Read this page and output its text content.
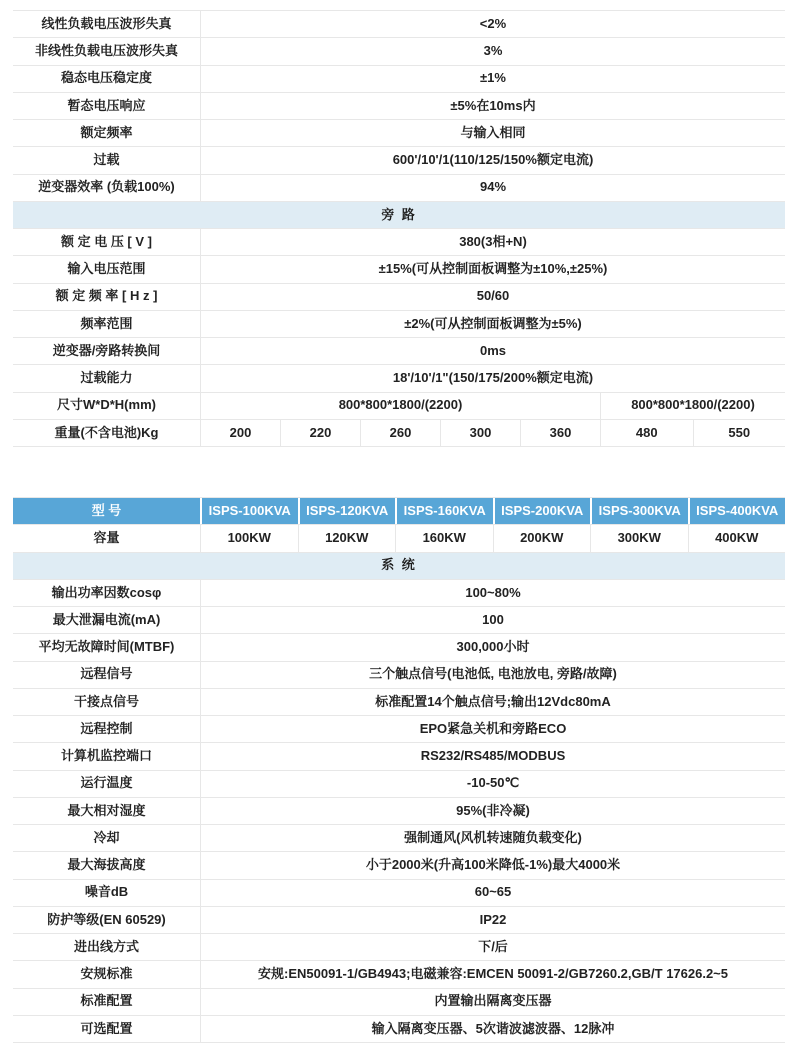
线性负载电压波形失真	<2%
非线性负载电压波形失真	3%
稳态电压稳定度	±1%
暂态电压响应	±5%在10ms内
额定频率	与输入相同
过载	600'/10'/1(110/125/150%额定电流)
逆变器效率 (负载100%)	94%
旁 路
额 定 电 压 [ V ]	380(3相+N)
输入电压范围	±15%(可从控制面板调整为±10%,±25%)
额 定 频 率 [ H z ]	50/60
频率范围	±2%(可从控制面板调整为±5%)
逆变器/旁路转换间	0ms
过载能力	18'/10'/1"(150/175/200%额定电流)
尺寸W*D*H(mm)	800*800*1800/(2200)	800*800*1800/(2200)
重量(不含电池)Kg	200	220	260	300	360	480	550
型 号	ISPS-100KVA	ISPS-120KVA	ISPS-160KVA	ISPS-200KVA	ISPS-300KVA	ISPS-400KVA
容量	100KW	120KW	160KW	200KW	300KW	400KW
系 统
输出功率因数cosφ	100~80%
最大泄漏电流(mA)	100
平均无故障时间(MTBF)	300,000小时
远程信号	三个触点信号(电池低, 电池放电, 旁路/故障)
干接点信号	标准配置14个触点信号;输出12Vdc80mA
远程控制	EPO紧急关机和旁路ECO
计算机监控端口	RS232/RS485/MODBUS
运行温度	-10-50℃
最大相对湿度	95%(非冷凝)
冷却	强制通风(风机转速随负载变化)
最大海拔高度	小于2000米(升高100米降低-1%)最大4000米
噪音dB	60~65
防护等级(EN 60529)	IP22
进出线方式	下/后
安规标准	安规:EN50091-1/GB4943;电磁兼容:EMCEN 50091-2/GB7260.2,GB/T 17626.2~5
标准配置	内置输出隔离变压器
可选配置	输入隔离变压器、5次谐波滤波器、12脉冲
